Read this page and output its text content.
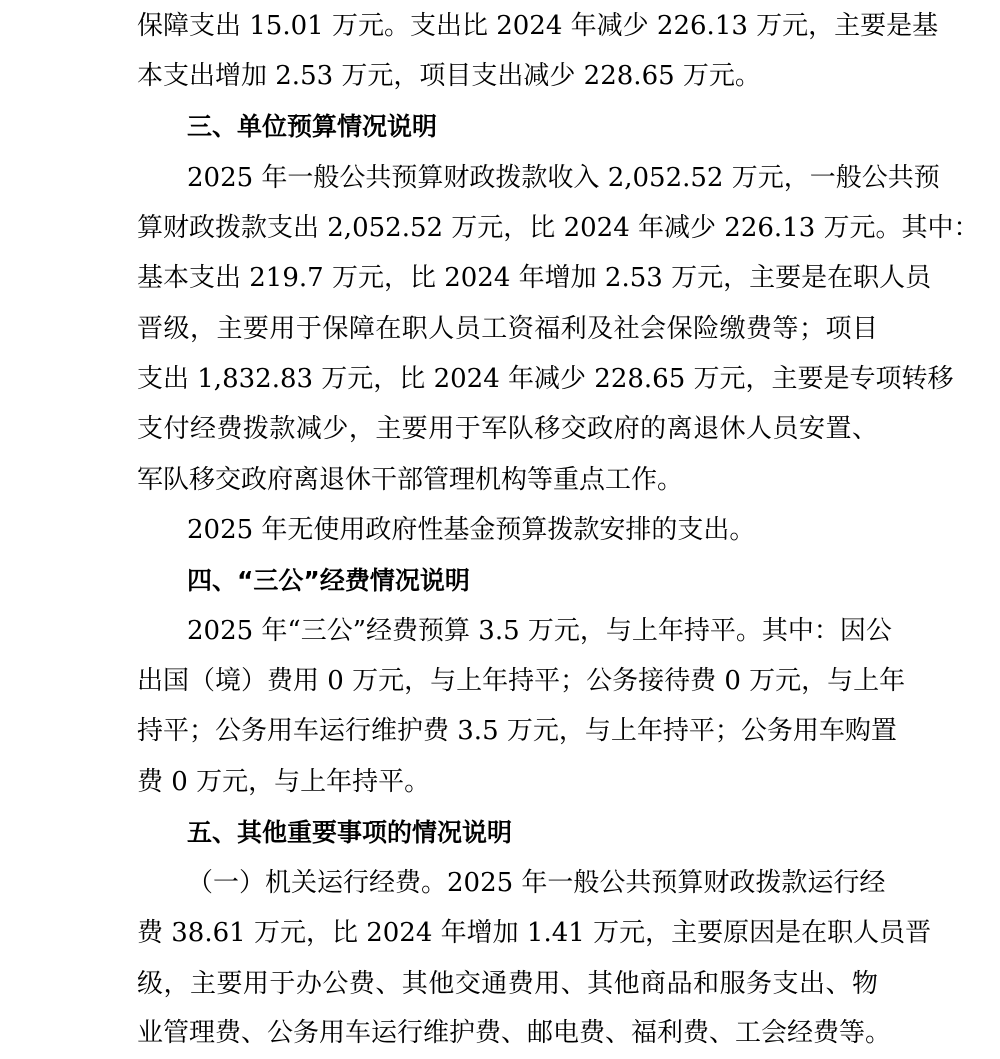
保障支出 15.01 万元。支出比 2024 年减少 226.13 万元，主要是基
本支出增加 2.53 万元，项目支出减少 228.65 万元。
三、单位预算情况说明
2025 年一般公共预算财政拨款收入 2,052.52 万元，一般公共预
算财政拨款支出 2,052.52 万元，比 2024 年减少 226.13 万元。其中：
基本支出 219.7 万元，比 2024 年增加 2.53 万元，主要是在职人员
晋级，主要用于保障在职人员工资福利及社会保险缴费等；项目
支出 1,832.83 万元，比 2024 年减少 228.65 万元，主要是专项转移
支付经费拨款减少，主要用于军队移交政府的离退休人员安置、
军队移交政府离退休干部管理机构等重点工作。
2025 年无使用政府性基金预算拨款安排的支出。
四、“三公”经费情况说明
2025 年“三公”经费预算 3.5 万元，与上年持平。其中：因公
出国（境）费用 0 万元，与上年持平；公务接待费 0 万元，与上年
持平；公务用车运行维护费 3.5 万元，与上年持平；公务用车购置
费 0 万元，与上年持平。
五、其他重要事项的情况说明
（一）机关运行经费。2025 年一般公共预算财政拨款运行经
费 38.61 万元，比 2024 年增加 1.41 万元，主要原因是在职人员晋
级，主要用于办公费、其他交通费用、其他商品和服务支出、物
业管理费、公务用车运行维护费、邮电费、福利费、工会经费等。
